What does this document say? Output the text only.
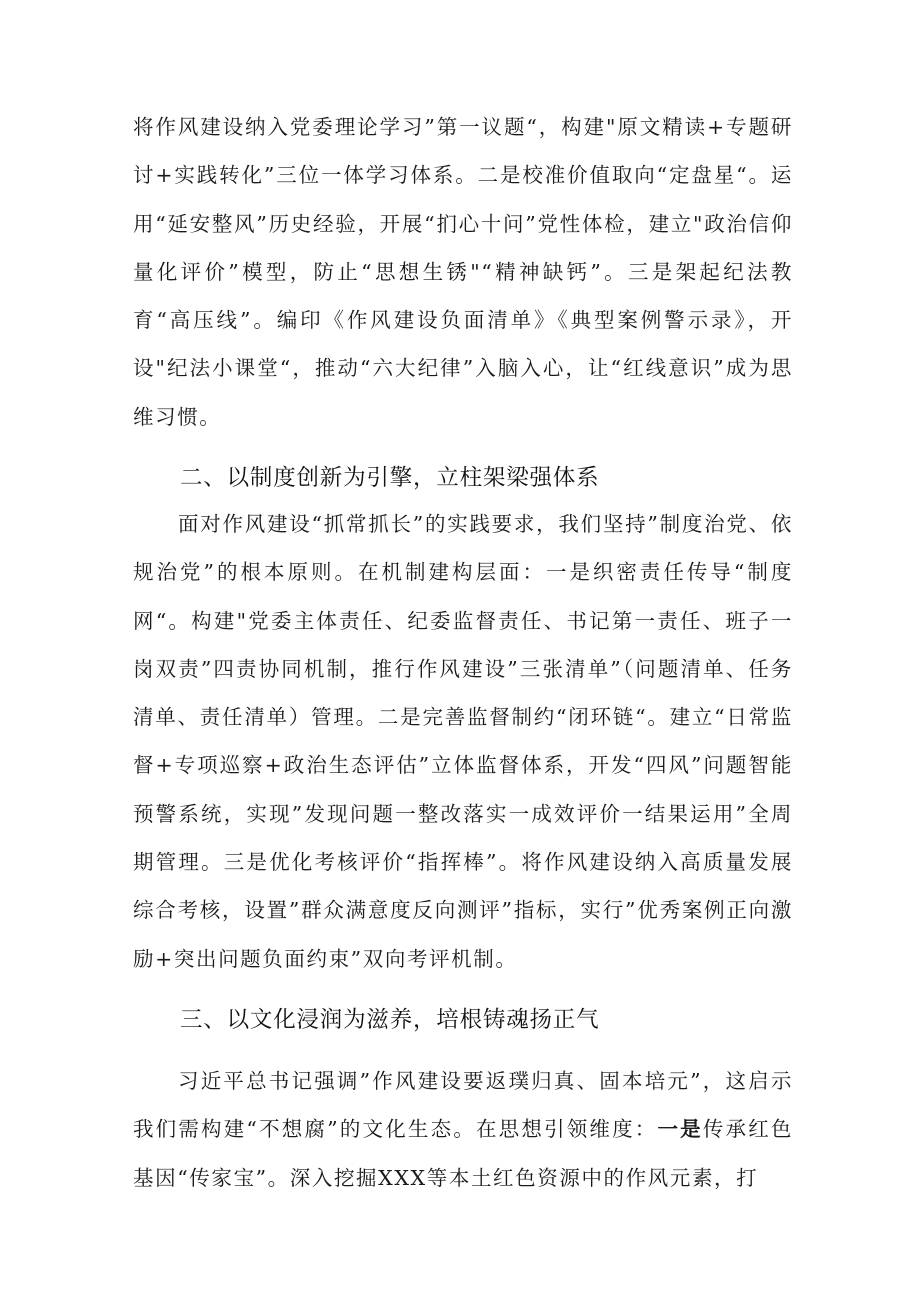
将作风建设纳入党委理论学习”第一议题“，构建"原文精读+专题研讨+实践转化”三位一体学习体系。二是校准价值取向“定盘星“。运用“延安整风”历史经验，开展“扪心十问”党性体检，建立"政治信仰量化评价”模型，防止“思想生锈"“精神缺钙”。三是架起纪法教育“高压线”。编印《作风建设负面清单》《典型案例警示录》，开设"纪法小课堂“，推动“六大纪律”入脑入心，让“红线意识”成为思维习惯。

二、以制度创新为引擎，立柱架梁强体系

面对作风建设“抓常抓长”的实践要求，我们坚持”制度治党、依规治党”的根本原则。在机制建构层面：一是织密责任传导“制度网“。构建"党委主体责任、纪委监督责任、书记第一责任、班子一岗双责”四责协同机制，推行作风建设”三张清单”（问题清单、任务清单、责任清单）管理。二是完善监督制约“闭环链“。建立“日常监督+专项巡察+政治生态评估”立体监督体系，开发“四风”问题智能预警系统，实现”发现问题一整改落实一成效评价一结果运用”全周期管理。三是优化考核评价“指挥棒”。将作风建设纳入高质量发展综合考核，设置”群众满意度反向测评”指标，实行”优秀案例正向激励+突出问题负面约束”双向考评机制。

三、以文化浸润为滋养，培根铸魂扬正气

习近平总书记强调”作风建设要返璞归真、固本培元”，这启示我们需构建“不想腐”的文化生态。在思想引领维度：一是传承红色基因“传家宝”。深入挖掘XXX等本土红色资源中的作风元素，打
